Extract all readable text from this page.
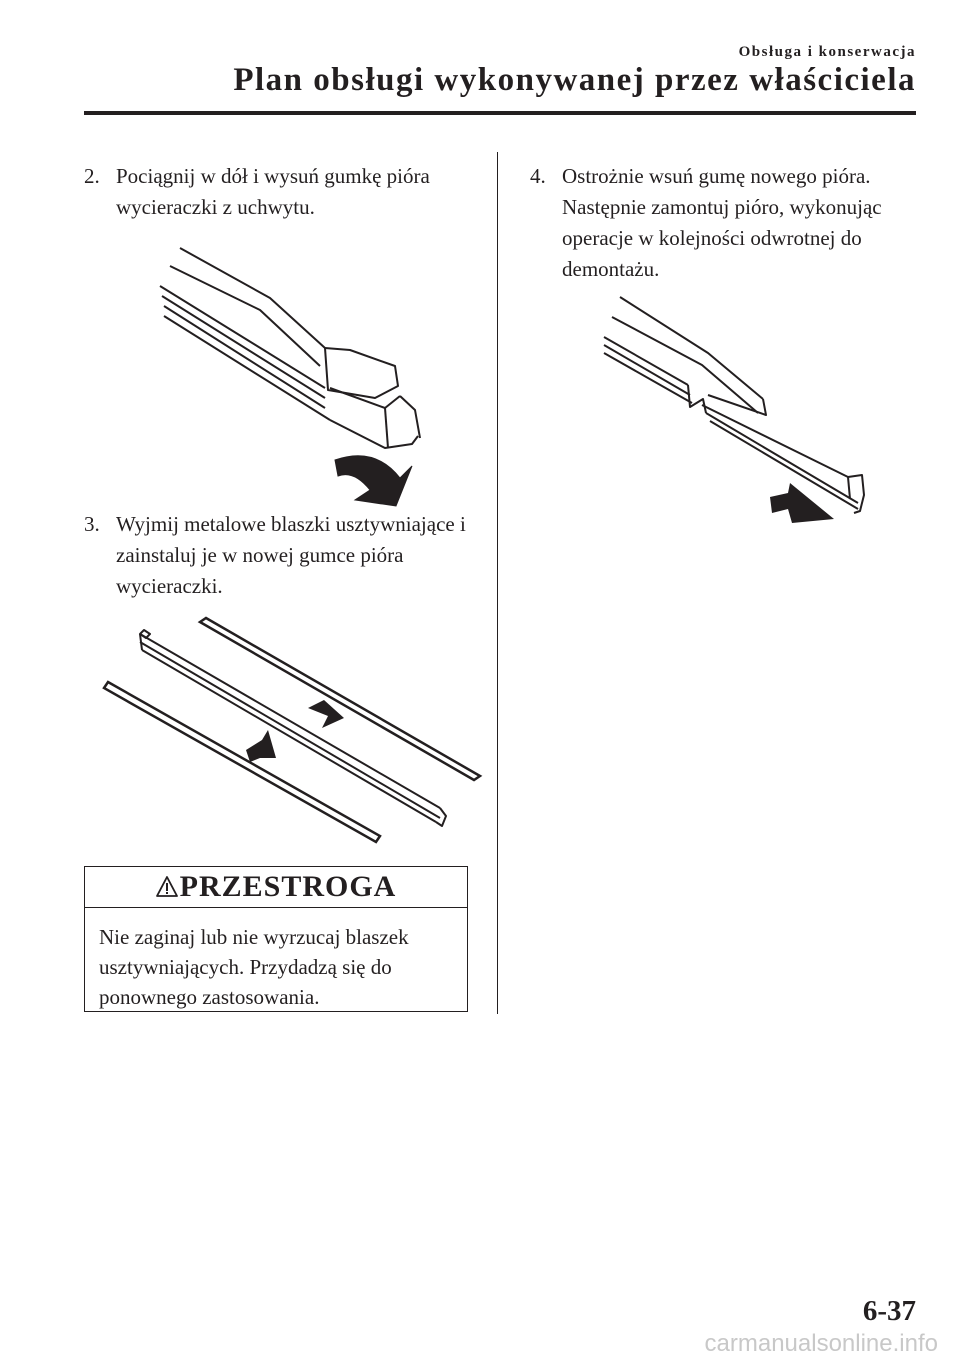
Obsługa i konserwacja
Plan obsługi wykonywanej przez właściciela
2. Pociągnij w dół i wysuń gumkę pióra wycieraczki z uchwytu.
3. Wyjmij metalowe blaszki usztywniające i zainstaluj je w nowej gumce pióra wycieraczki.
PRZESTROGA
Nie zaginaj lub nie wyrzucaj blaszek usztywniających. Przydadzą się do ponownego zastosowania.
4. Ostrożnie wsuń gumę nowego pióra. Następnie zamontuj pióro, wykonując operacje w kolejności odwrotnej do demontażu.
6-37
carmanualsonline.info
